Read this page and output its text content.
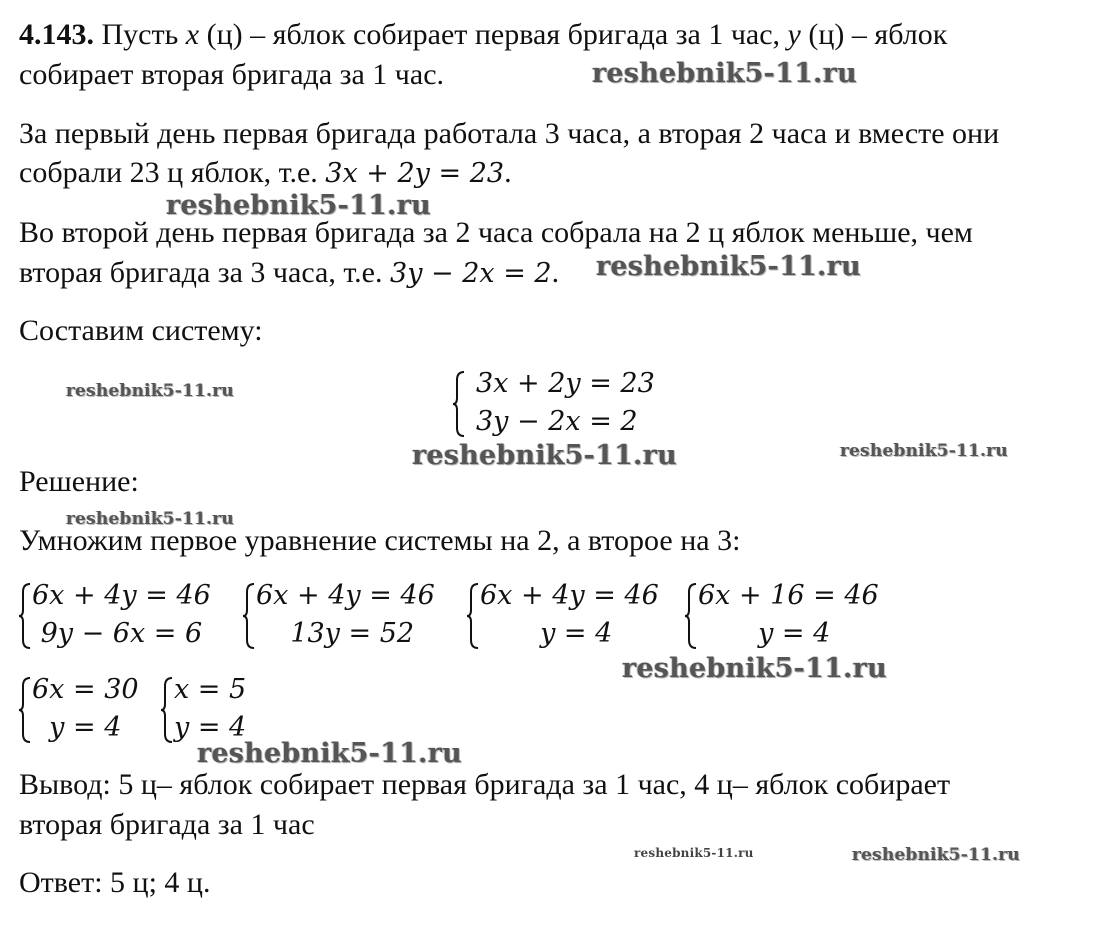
4.143. Пусть x (ц) – яблок собирает первая бригада за 1 час, y (ц) – яблок
собирает вторая бригада за 1 час.
За первый день первая бригада работала 3 часа, а вторая 2 часа и вместе они
собрали 23 ц яблок, т.е. 3x + 2y = 23.
Во второй день первая бригада за 2 часа собрала на 2 ц яблок меньше, чем
вторая бригада за 3 часа, т.е. 3y − 2x = 2.
Составим систему:
3x + 2y = 23
3y − 2x = 2
Решение:
Умножим первое уравнение системы на 2, а второе на 3:
6x + 4y = 46
9y − 6x = 6
6x + 4y = 46
13y = 52
6x + 4y = 46
y = 4
6x + 16 = 46
y = 4
6x = 30
y = 4
x = 5
y = 4
Вывод: 5 ц– яблок собирает первая бригада за 1 час, 4 ц– яблок собирает
вторая бригада за 1 час
Ответ: 5 ц; 4 ц.
reshebnik5-11.ru
reshebnik5-11.ru
reshebnik5-11.ru
reshebnik5-11.ru
reshebnik5-11.ru	reshebnik5-11.ru
reshebnik5-11.ru
reshebnik5-11.ru
reshebnik5-11.ru
reshebnik5-11.ru	reshebnik5-11.ru
